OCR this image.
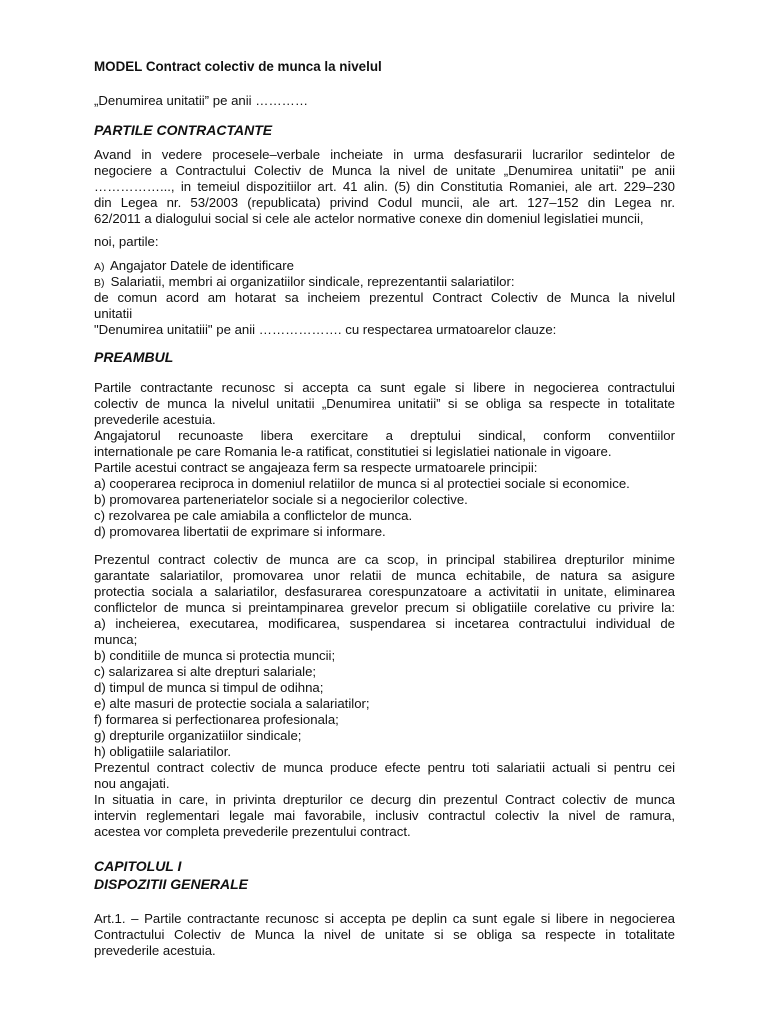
MODEL Contract colectiv de munca la nivelul
„Denumirea unitatii” pe anii …………
PARTILE CONTRACTANTE
Avand in vedere procesele–verbale incheiate in urma desfasurarii lucrarilor sedintelor de
negociere a Contractului Colectiv de Munca la nivel de unitate „Denumirea unitatii" pe anii
……………..., in temeiul dispozitiilor art. 41 alin. (5) din Constitutia Romaniei, ale art. 229–230
din Legea nr. 53/2003 (republicata) privind Codul muncii, ale art. 127–152 din Legea nr.
62/2011 a dialogului social si cele ale actelor normative conexe din domeniul legislatiei muncii,
noi, partile:
A) Angajator Datele de identificare
B) Salariatii, membri ai organizatiilor sindicale, reprezentantii salariatilor:
de comun acord am hotarat sa incheiem prezentul Contract Colectiv de Munca la nivelul
unitatii
"Denumirea unitatiii" pe anii ………………. cu respectarea urmatoarelor clauze:
PREAMBUL
Partile contractante recunosc si accepta ca sunt egale si libere in negocierea contractului
colectiv de munca la nivelul unitatii „Denumirea unitatii” si se obliga sa respecte in totalitate
prevederile acestuia.
Angajatorul recunoaste libera exercitare a dreptului sindical, conform conventiilor
internationale pe care Romania le-a ratificat, constitutiei si legislatiei nationale in vigoare.
Partile acestui contract se angajeaza ferm sa respecte urmatoarele principii:
a) cooperarea reciproca in domeniul relatiilor de munca si al protectiei sociale si economice.
b) promovarea parteneriatelor sociale si a negocierilor colective.
c) rezolvarea pe cale amiabila a conflictelor de munca.
d) promovarea libertatii de exprimare si informare.
Prezentul contract colectiv de munca are ca scop, in principal stabilirea drepturilor minime
garantate salariatilor, promovarea unor relatii de munca echitabile, de natura sa asigure
protectia sociala a salariatilor, desfasurarea corespunzatoare a activitatii in unitate, eliminarea
conflictelor de munca si preintampinarea grevelor precum si obligatiile corelative cu privire la:
a) incheierea, executarea, modificarea, suspendarea si incetarea contractului individual de
munca;
b) conditiile de munca si protectia muncii;
c) salarizarea si alte drepturi salariale;
d) timpul de munca si timpul de odihna;
e) alte masuri de protectie sociala a salariatilor;
f) formarea si perfectionarea profesionala;
g) drepturile organizatiilor sindicale;
h) obligatiile salariatilor.
Prezentul contract colectiv de munca produce efecte pentru toti salariatii actuali si pentru cei
nou angajati.
In situatia in care, in privinta drepturilor ce decurg din prezentul Contract colectiv de munca
intervin reglementari legale mai favorabile, inclusiv contractul colectiv la nivel de ramura,
acestea vor completa prevederile prezentului contract.
CAPITOLUL I
DISPOZITII GENERALE
Art.1. – Partile contractante recunosc si accepta pe deplin ca sunt egale si libere in negocierea
Contractului Colectiv de Munca la nivel de unitate si se obliga sa respecte in totalitate
prevederile acestuia.
